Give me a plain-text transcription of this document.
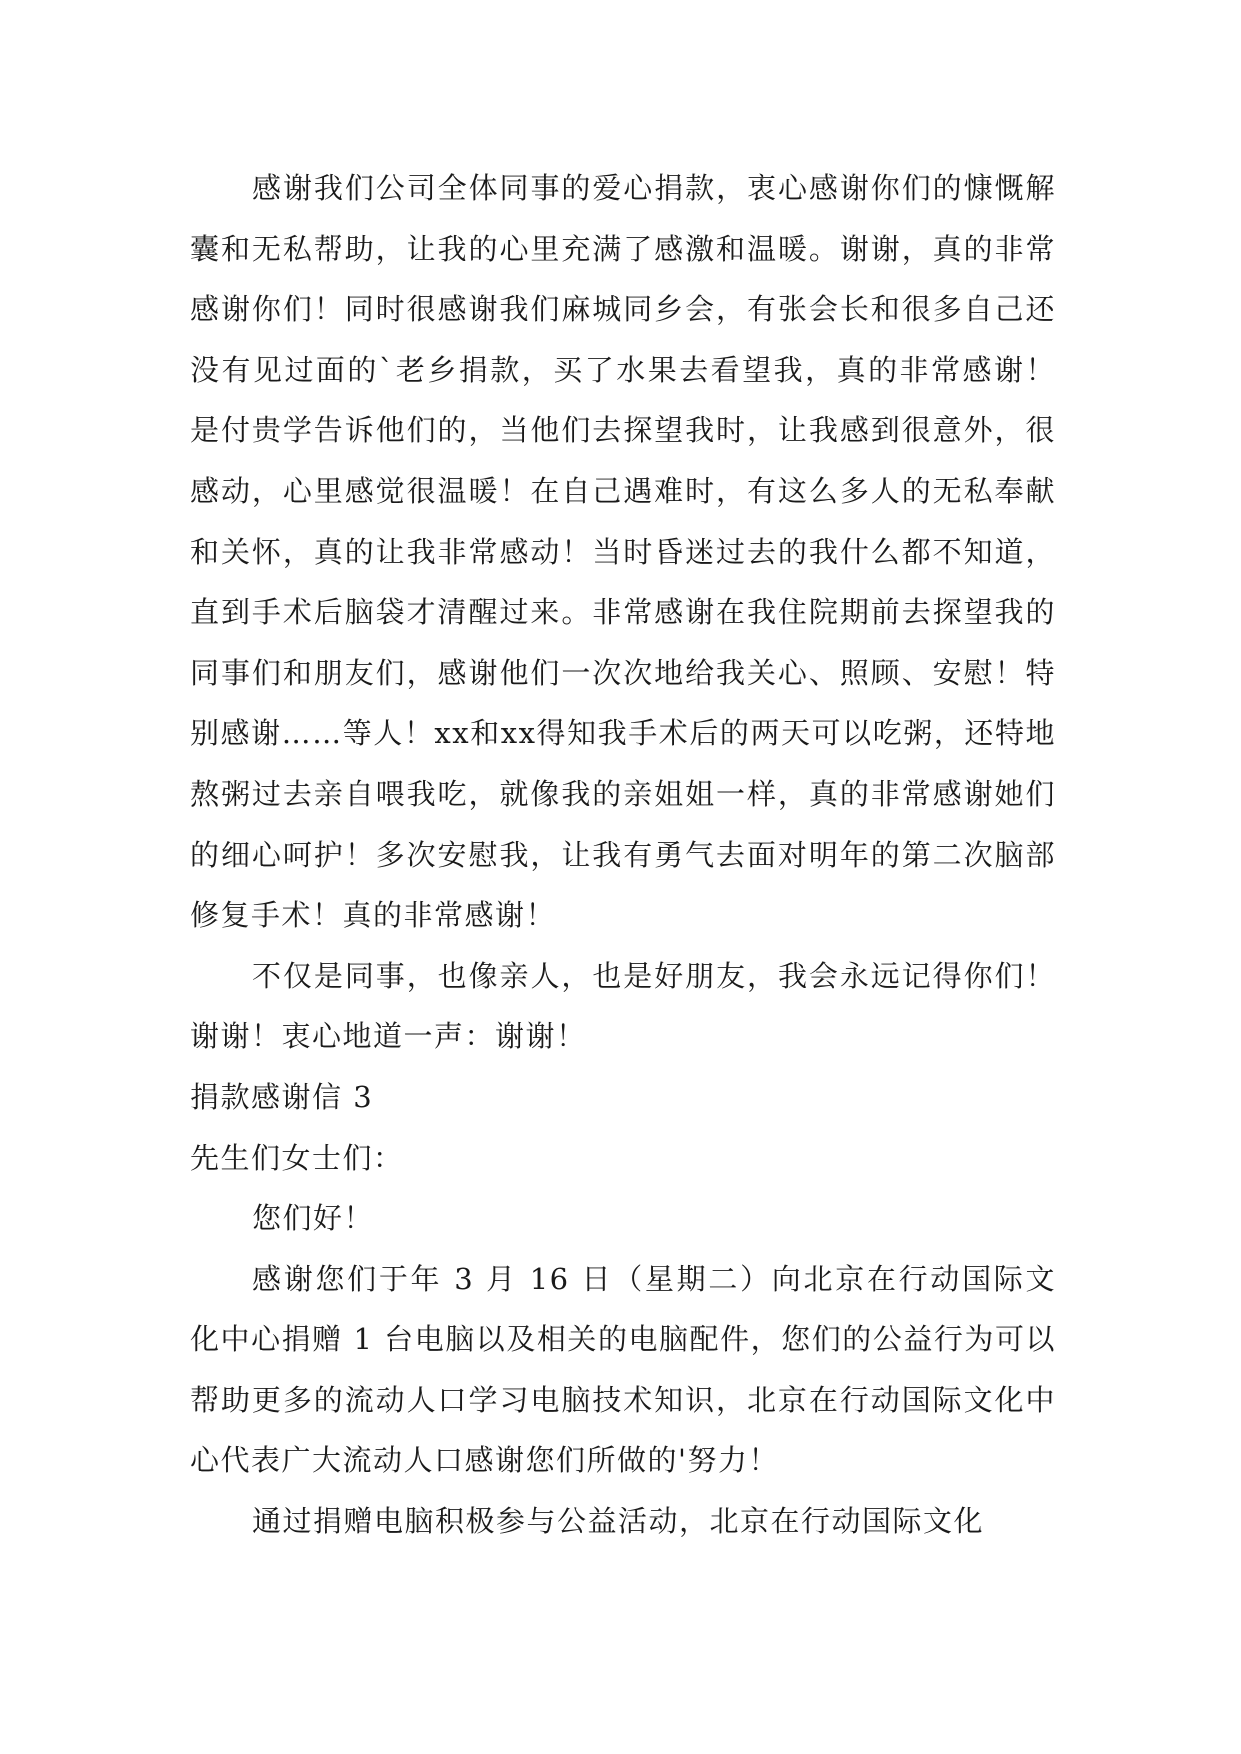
感谢我们公司全体同事的爱心捐款，衷心感谢你们的慷慨解囊和无私帮助，让我的心里充满了感激和温暖。谢谢，真的非常感谢你们！同时很感谢我们麻城同乡会，有张会长和很多自己还没有见过面的`老乡捐款，买了水果去看望我，真的非常感谢！是付贵学告诉他们的，当他们去探望我时，让我感到很意外，很感动，心里感觉很温暖！在自己遇难时，有这么多人的无私奉献和关怀，真的让我非常感动！当时昏迷过去的我什么都不知道，直到手术后脑袋才清醒过来。非常感谢在我住院期前去探望我的同事们和朋友们，感谢他们一次次地给我关心、照顾、安慰！特别感谢……等人！xx和xx得知我手术后的两天可以吃粥，还特地熬粥过去亲自喂我吃，就像我的亲姐姐一样，真的非常感谢她们的细心呵护！多次安慰我，让我有勇气去面对明年的第二次脑部修复手术！真的非常感谢！

不仅是同事，也像亲人，也是好朋友，我会永远记得你们！谢谢！衷心地道一声：谢谢！

捐款感谢信 3

先生们女士们：

您们好！

感谢您们于年 3 月 16 日（星期二）向北京在行动国际文化中心捐赠 1 台电脑以及相关的电脑配件，您们的公益行为可以帮助更多的流动人口学习电脑技术知识，北京在行动国际文化中心代表广大流动人口感谢您们所做的'努力！

通过捐赠电脑积极参与公益活动，北京在行动国际文化
